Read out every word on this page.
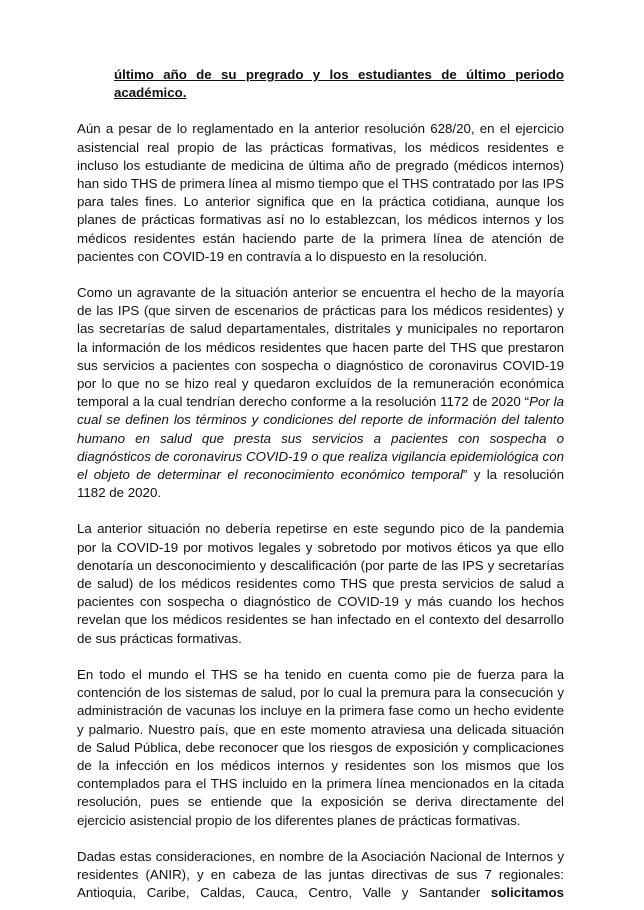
último año de su pregrado y los estudiantes de último periodo académico.

Aún a pesar de lo reglamentado en la anterior resolución 628/20, en el ejercicio asistencial real propio de las prácticas formativas, los médicos residentes e incluso los estudiante de medicina de última año de pregrado (médicos internos) han sido THS de primera línea al mismo tiempo que el THS contratado por las IPS para tales fines. Lo anterior significa que en la práctica cotidiana, aunque los planes de prácticas formativas así no lo establezcan, los médicos internos y los médicos residentes están haciendo parte de la primera línea de atención de pacientes con COVID-19 en contravía a lo dispuesto en la resolución.

Como un agravante de la situación anterior se encuentra el hecho de la mayoría de las IPS (que sirven de escenarios de prácticas para los médicos residentes) y las secretarías de salud departamentales, distritales y municipales no reportaron la información de los médicos residentes que hacen parte del THS que prestaron sus servicios a pacientes con sospecha o diagnóstico de coronavirus COVID-19 por lo que no se hizo real y quedaron excluídos de la remuneración económica temporal a la cual tendrían derecho conforme a la resolución 1172 de 2020 “Por la cual se definen los términos y condiciones del reporte de información del talento humano en salud que presta sus servicios a pacientes con sospecha o diagnósticos de coronavirus COVID-19 o que realiza vigilancia epidemiológica con el objeto de determinar el reconocimiento económico temporal” y la resolución 1182 de 2020.

La anterior situación no debería repetirse en este segundo pico de la pandemia por la COVID-19 por motivos legales y sobretodo por motivos éticos ya que ello denotaría un desconocimiento y descalificación (por parte de las IPS y secretarías de salud) de los médicos residentes como THS que presta servicios de salud a pacientes con sospecha o diagnóstico de COVID-19 y más cuando los hechos revelan que los médicos residentes se han infectado en el contexto del desarrollo de sus prácticas formativas.

En todo el mundo el THS se ha tenido en cuenta como pie de fuerza para la contención de los sistemas de salud, por lo cual la premura para la consecución y administración de vacunas los incluye en la primera fase como un hecho evidente y palmario. Nuestro país, que en este momento atraviesa una delicada situación de Salud Pública, debe reconocer que los riesgos de exposición y complicaciones de la infección en los médicos internos y residentes son los mismos que los contemplados para el THS incluido en la primera línea mencionados en la citada resolución, pues se entiende que la exposición se deriva directamente del ejercicio asistencial propio de los diferentes planes de prácticas formativas.

Dadas estas consideraciones, en nombre de la Asociación Nacional de Internos y residentes (ANIR), y en cabeza de las juntas directivas de sus 7 regionales: Antioquia, Caribe, Caldas, Cauca, Centro, Valle y Santander solicitamos
